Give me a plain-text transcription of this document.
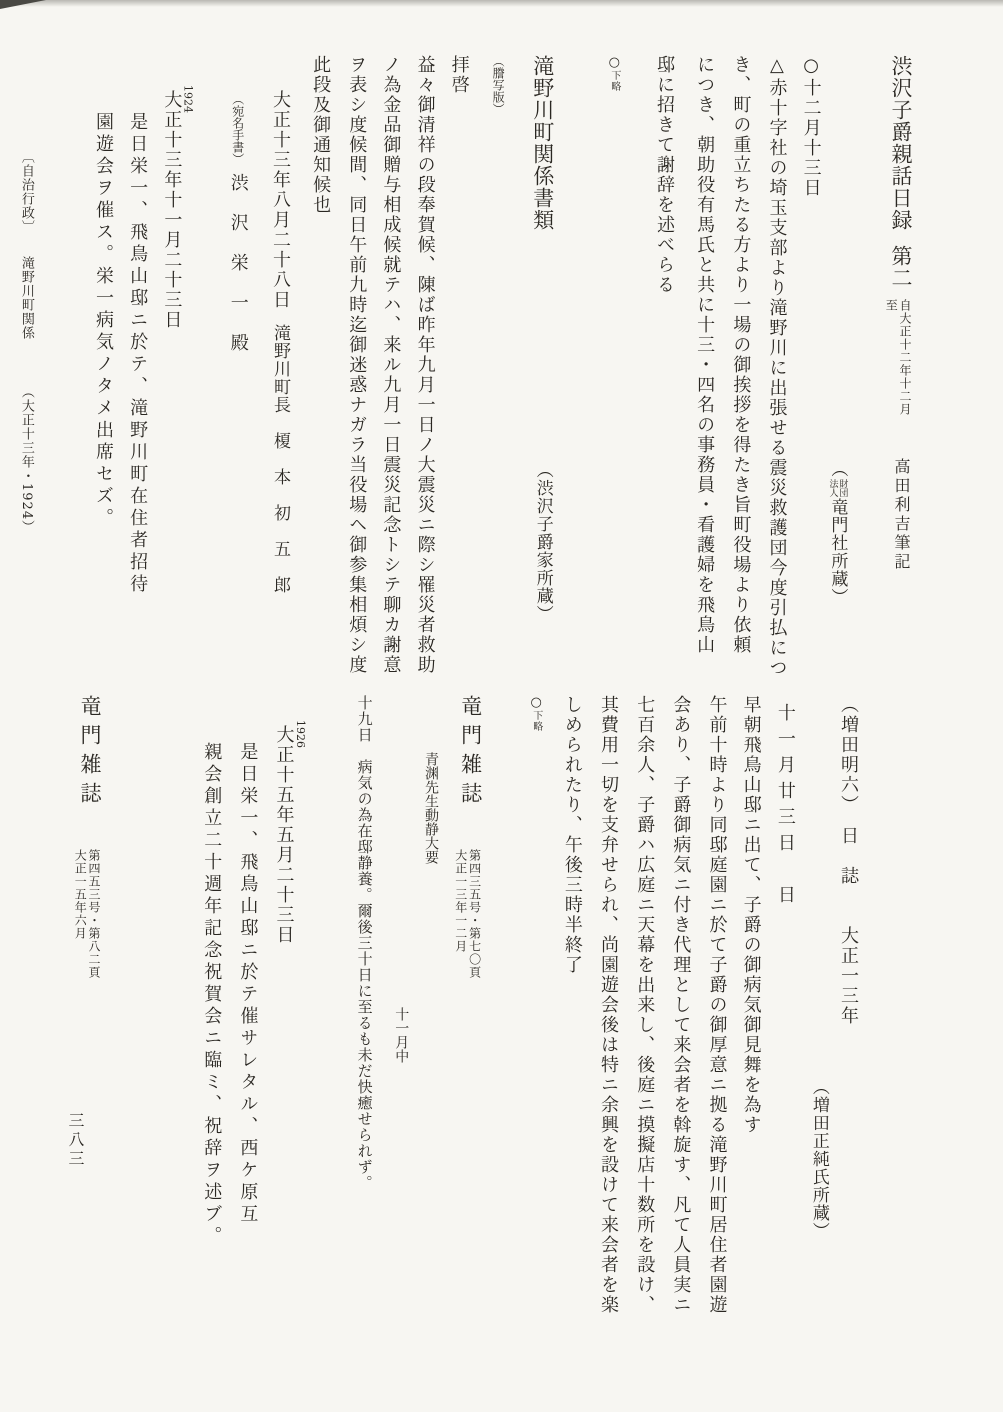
渋沢子爵親話日録第二
自大正十二年十二月
至
高田利吉筆記
（
財団
法人
竜門社所蔵）
○十二月十三日
△赤十字社の埼玉支部より滝野川に出張せる震災救護団今度引払につ
き、町の重立ちたる方より一場の御挨拶を得たき旨町役場より依頼
につき、朝助役有馬氏と共に十三・四名の事務員・看護婦を飛鳥山
邸に招きて謝辞を述べらる
○下略
滝野川町関係書類（渋沢子爵家所蔵）
（謄写版）
拝啓
益々御清祥の段奉賀候、陳ば昨年九月一日ノ大震災ニ際シ罹災者救助
ノ為金品御贈与相成候就テハ、来ル九月一日震災記念トシテ聊カ謝意
ヲ表シ度候間、同日午前九時迄御迷惑ナガラ当役場ヘ御参集相煩シ度
此段及御通知候也
大正十三年八月二十八日滝野川町長　榎　本　初　五　郎
（宛名手書）渋　沢　栄　一　殿
1924
大正十三年十一月二十三日
是日栄一、飛鳥山邸ニ於テ、滝野川町在住者招待
園遊会ヲ催ス。栄一病気ノタメ出席セズ。
〔自治行政〕滝野川町関係（大正十三年・1924）
（増田明六）　日　誌　　大正一三年
（増田正純氏所蔵）
十一月廿三日　日
早朝飛鳥山邸ニ出て、子爵の御病気御見舞を為す
午前十時より同邸庭園ニ於て子爵の御厚意ニ拠る滝野川町居住者園遊
会あり、子爵御病気ニ付き代理として来会者を斡旋す、凡て人員実ニ
七百余人、子爵ハ広庭ニ天幕を出来し、後庭ニ摸擬店十数所を設け、
其費用一切を支弁せられ、尚園遊会後は特ニ余興を設けて来会者を楽
しめられたり、午後三時半終了
○下略
竜門雑誌
第四三五号・第七〇頁
大正一三年一二月
青渊先生動静大要
十一月中
十九日　病気の為在邸静養。爾後三十日に至るも未だ快癒せられず。
1926
大正十五年五月二十三日
是日栄一、飛鳥山邸ニ於テ催サレタル、西ケ原互
親会創立二十週年記念祝賀会ニ臨ミ、祝辞ヲ述ブ。
竜門雑誌
第四五三号・第八二頁
大正一五年六月
三八三
